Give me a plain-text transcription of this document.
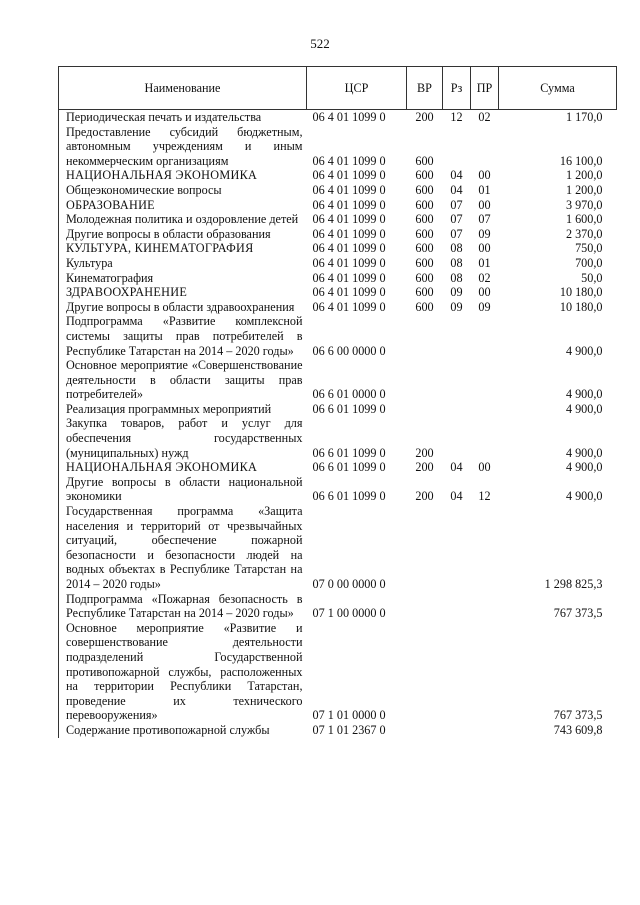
522
Наименование	ЦСР	ВР	Рз	ПР	Сумма
Периодическая печать и издательства	06 4 01 1099 0	200	12	02	1 170,0
Предоставление субсидий бюджетным, автономным учреждениям и иным некоммерческим организациям	06 4 01 1099 0	600			16 100,0
НАЦИОНАЛЬНАЯ ЭКОНОМИКА	06 4 01 1099 0	600	04	00	1 200,0
Общеэкономические вопросы	06 4 01 1099 0	600	04	01	1 200,0
ОБРАЗОВАНИЕ	06 4 01 1099 0	600	07	00	3 970,0
Молодежная политика и оздоровление детей	06 4 01 1099 0	600	07	07	1 600,0
Другие вопросы в области образования	06 4 01 1099 0	600	07	09	2 370,0
КУЛЬТУРА, КИНЕМАТОГРАФИЯ	06 4 01 1099 0	600	08	00	750,0
Культура	06 4 01 1099 0	600	08	01	700,0
Кинематография	06 4 01 1099 0	600	08	02	50,0
ЗДРАВООХРАНЕНИЕ	06 4 01 1099 0	600	09	00	10 180,0
Другие вопросы в области здравоохранения	06 4 01 1099 0	600	09	09	10 180,0
Подпрограмма «Развитие комплексной системы защиты прав потребителей в Республике Татарстан на 2014 – 2020 годы»	06 6 00 0000 0				4 900,0
Основное мероприятие «Совершенствование деятельности в области защиты прав потребителей»	06 6 01 0000 0				4 900,0
Реализация программных мероприятий	06 6 01 1099 0				4 900,0
Закупка товаров, работ и услуг для обеспечения государственных (муниципальных) нужд	06 6 01 1099 0	200			4 900,0
НАЦИОНАЛЬНАЯ ЭКОНОМИКА	06 6 01 1099 0	200	04	00	4 900,0
Другие вопросы в области национальной экономики	06 6 01 1099 0	200	04	12	4 900,0
Государственная программа «Защита населения и территорий от чрезвычайных ситуаций, обеспечение пожарной безопасности и безопасности людей на водных объектах в Республике Татарстан на 2014 – 2020 годы»	07 0 00 0000 0				1 298 825,3
Подпрограмма «Пожарная безопасность в Республике Татарстан на 2014 – 2020 годы»	07 1 00 0000 0				767 373,5
Основное мероприятие «Развитие и совершенствование деятельности подразделений Государственной противопожарной службы, расположенных на территории Республики Татарстан, проведение их технического перевооружения»	07 1 01 0000 0				767 373,5
Содержание противопожарной службы	07 1 01 2367 0				743 609,8
